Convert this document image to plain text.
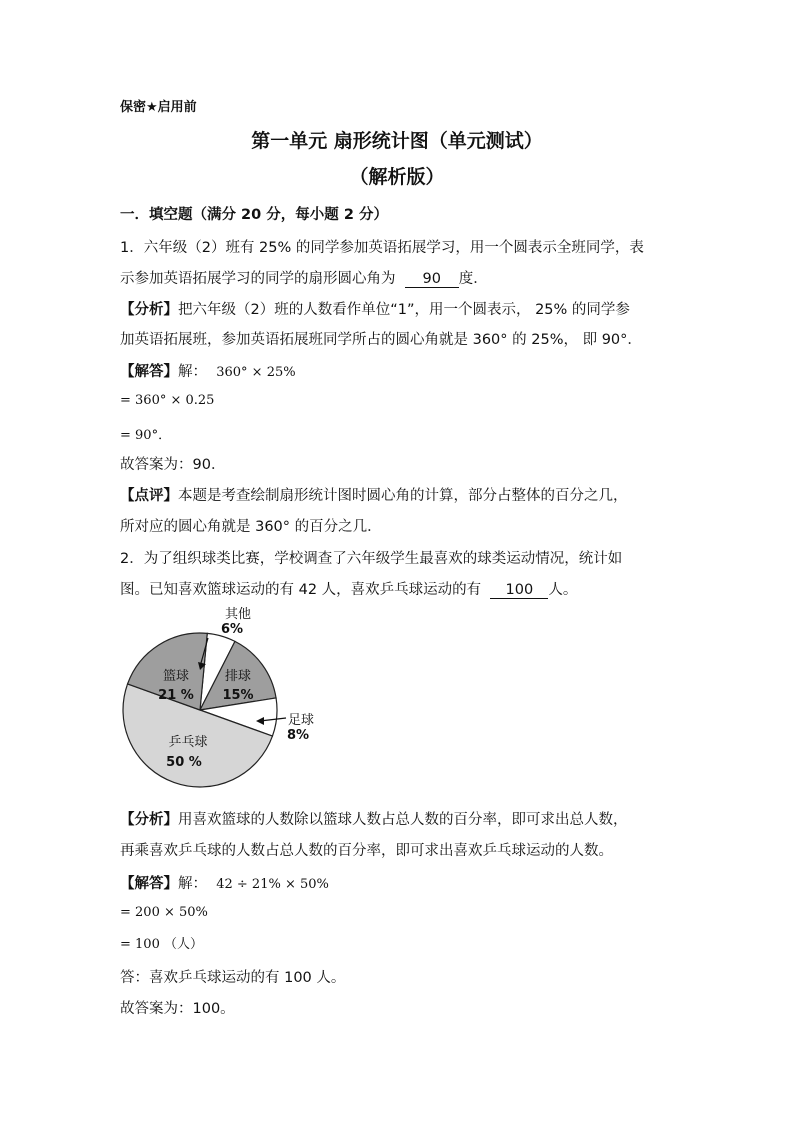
保密★启用前
第一单元 扇形统计图（单元测试）
（解析版）
一．填空题（满分 20 分，每小题 2 分）
1．六年级（2）班有 25% 的同学参加英语拓展学习，用一个圆表示全班同学，表
示参加英语拓展学习的同学的扇形圆心角为 90 度．
【分析】把六年级（2）班的人数看作单位“1”，用一个圆表示， 25% 的同学参
加英语拓展班，参加英语拓展班同学所占的圆心角就是 360° 的 25%， 即 90°．
【解答】解： 360° × 25%
= 360° × 0.25
= 90°．
故答案为：90．
【点评】本题是考查绘制扇形统计图时圆心角的计算，部分占整体的百分之几，
所对应的圆心角就是 360° 的百分之几．
2．为了组织球类比赛，学校调查了六年级学生最喜欢的球类运动情况，统计如
图。已知喜欢篮球运动的有 42 人，喜欢乒乓球运动的有 100 人。
其他
6%
排球
15%
足球
8%
乒乓球
50 %
篮球
21 %
【分析】用喜欢篮球的人数除以篮球人数占总人数的百分率，即可求出总人数，
再乘喜欢乒乓球的人数占总人数的百分率，即可求出喜欢乒乓球运动的人数。
【解答】解： 42 ÷ 21% × 50%
= 200 × 50%
= 100 （人）
答：喜欢乒乓球运动的有 100 人。
故答案为：100。
